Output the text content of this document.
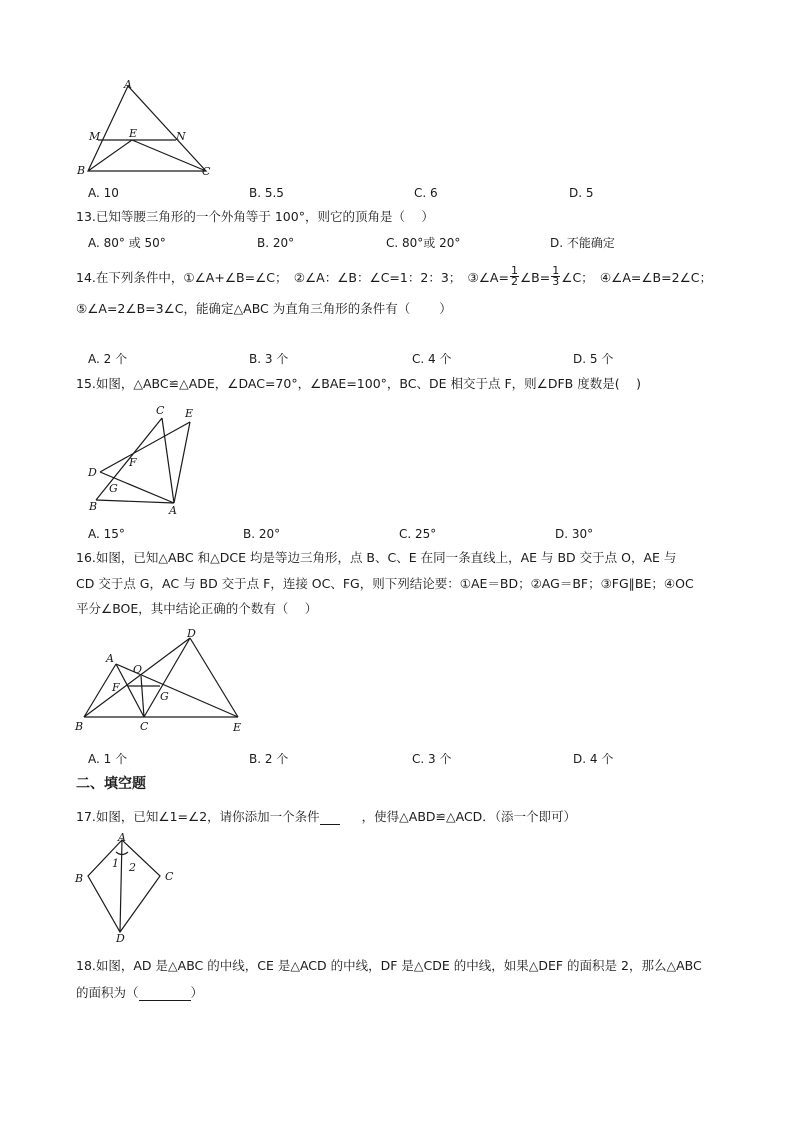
A
M	E	N
B	C
A. 10	B. 5.5	C. 6	D. 5
13.已知等腰三角形的一个外角等于 100°，则它的顶角是（　 ）
A. 80° 或 50°	B. 20°	C. 80°或 20°	D. 不能确定
14.在下列条件中，①∠A+∠B=∠C；　②∠A：∠B：∠C=1：2：3；　③∠A= $\frac{1}{2}$ ∠B= $\frac{1}{3}$ ∠C；　④∠A=∠B=2∠C；
⑤∠A=2∠B=3∠C，能确定△ABC 为直角三角形的条件有（　　 ）
A. 2 个	B. 3 个	C. 4 个	D. 5 个
15.如图，△ABC≌△ADE，∠DAC=70°，∠BAE=100°，BC、DE 相交于点 F，则∠DFB 度数是(　 )
C E
F
D
G
B	A
A. 15°	B. 20°	C. 25°	D. 30°
16.如图，已知△ABC 和△DCE 均是等边三角形，点 B、C、E 在同一条直线上，AE 与 BD 交于点 O，AE 与
CD 交于点 G，AC 与 BD 交于点 F，连接 OC、FG，则下列结论要：①AE＝BD；②AG＝BF；③FG∥BE；④OC
平分∠BOE，其中结论正确的个数有（　 ）
D
A
O
F
G
B	C	E
A. 1 个	B. 2 个	C. 3 个	D. 4 个
二、填空题
17.如图，已知∠1=∠2，请你添加一个条件	，使得△ABD≌△ACD．（添一个即可）
A
B	C
D
1 2
18.如图，AD 是△ABC 的中线，CE 是△ACD 的中线，DF 是△CDE 的中线，如果△DEF 的面积是 2，那么△ABC
的面积为（	）
